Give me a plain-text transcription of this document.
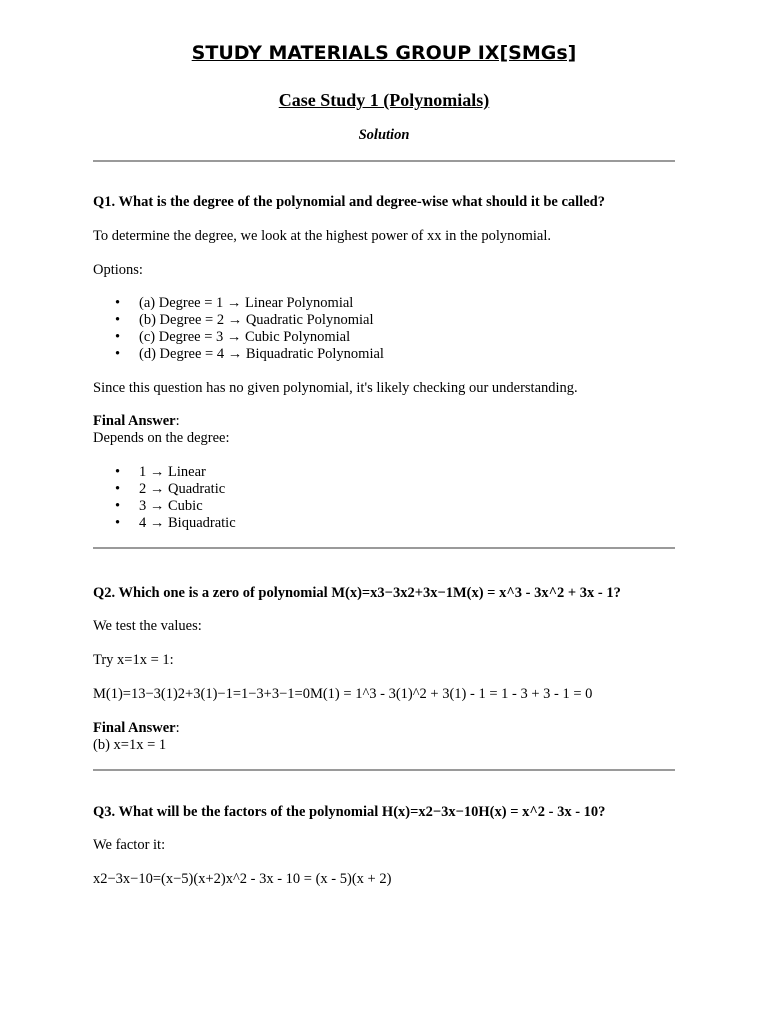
STUDY MATERIALS GROUP IX[SMGs]
Case Study 1 (Polynomials)
Solution
Q1. What is the degree of the polynomial and degree-wise what should it be called?
To determine the degree, we look at the highest power of xx in the polynomial.
Options:
• (a) Degree = 1 → Linear Polynomial
• (b) Degree = 2 → Quadratic Polynomial
• (c) Degree = 3 → Cubic Polynomial
• (d) Degree = 4 → Biquadratic Polynomial
Since this question has no given polynomial, it's likely checking our understanding.
Final Answer:
Depends on the degree:
• 1 → Linear
• 2 → Quadratic
• 3 → Cubic
• 4 → Biquadratic
Q2. Which one is a zero of polynomial M(x)=x3−3x2+3x−1M(x) = x^3 - 3x^2 + 3x - 1?
We test the values:
Try x=1x = 1:
M(1)=13−3(1)2+3(1)−1=1−3+3−1=0M(1) = 1^3 - 3(1)^2 + 3(1) - 1 = 1 - 3 + 3 - 1 = 0
Final Answer:
(b) x=1x = 1
Q3. What will be the factors of the polynomial H(x)=x2−3x−10H(x) = x^2 - 3x - 10?
We factor it:
x2−3x−10=(x−5)(x+2)x^2 - 3x - 10 = (x - 5)(x + 2)
